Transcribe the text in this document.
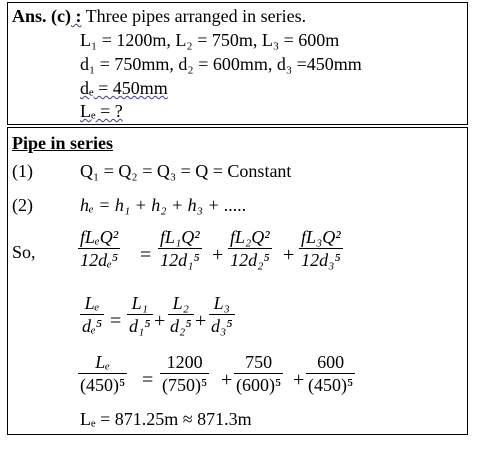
Ans. (c) : Three pipes arranged in series.
L₁ = 1200m, L₂ = 750m, L₃ = 600m
d₁ = 750mm, d₂ = 600mm, d₃ =450mm
dₑ = 450mm
Lₑ = ?
Pipe in series
(1)	Q₁ = Q₂ = Q₃ = Q = Constant
(2)	hₑ = h₁ + h₂ + h₃ + .....
So,
fLₑQ²
12dₑ⁵ =
fL₁Q²
12d₁⁵ +
fL₂Q²
12d₂⁵ +
fL₃Q²
12d₃⁵
Lₑ
dₑ⁵ =
L₁
d₁⁵ +
L₂
d₂⁵ +
L₃
d₃⁵
Lₑ
(450)⁵ =
1200
(750)⁵ +
750
(600)⁵ +
600
(450)⁵
Lₑ = 871.25m ≈ 871.3m
